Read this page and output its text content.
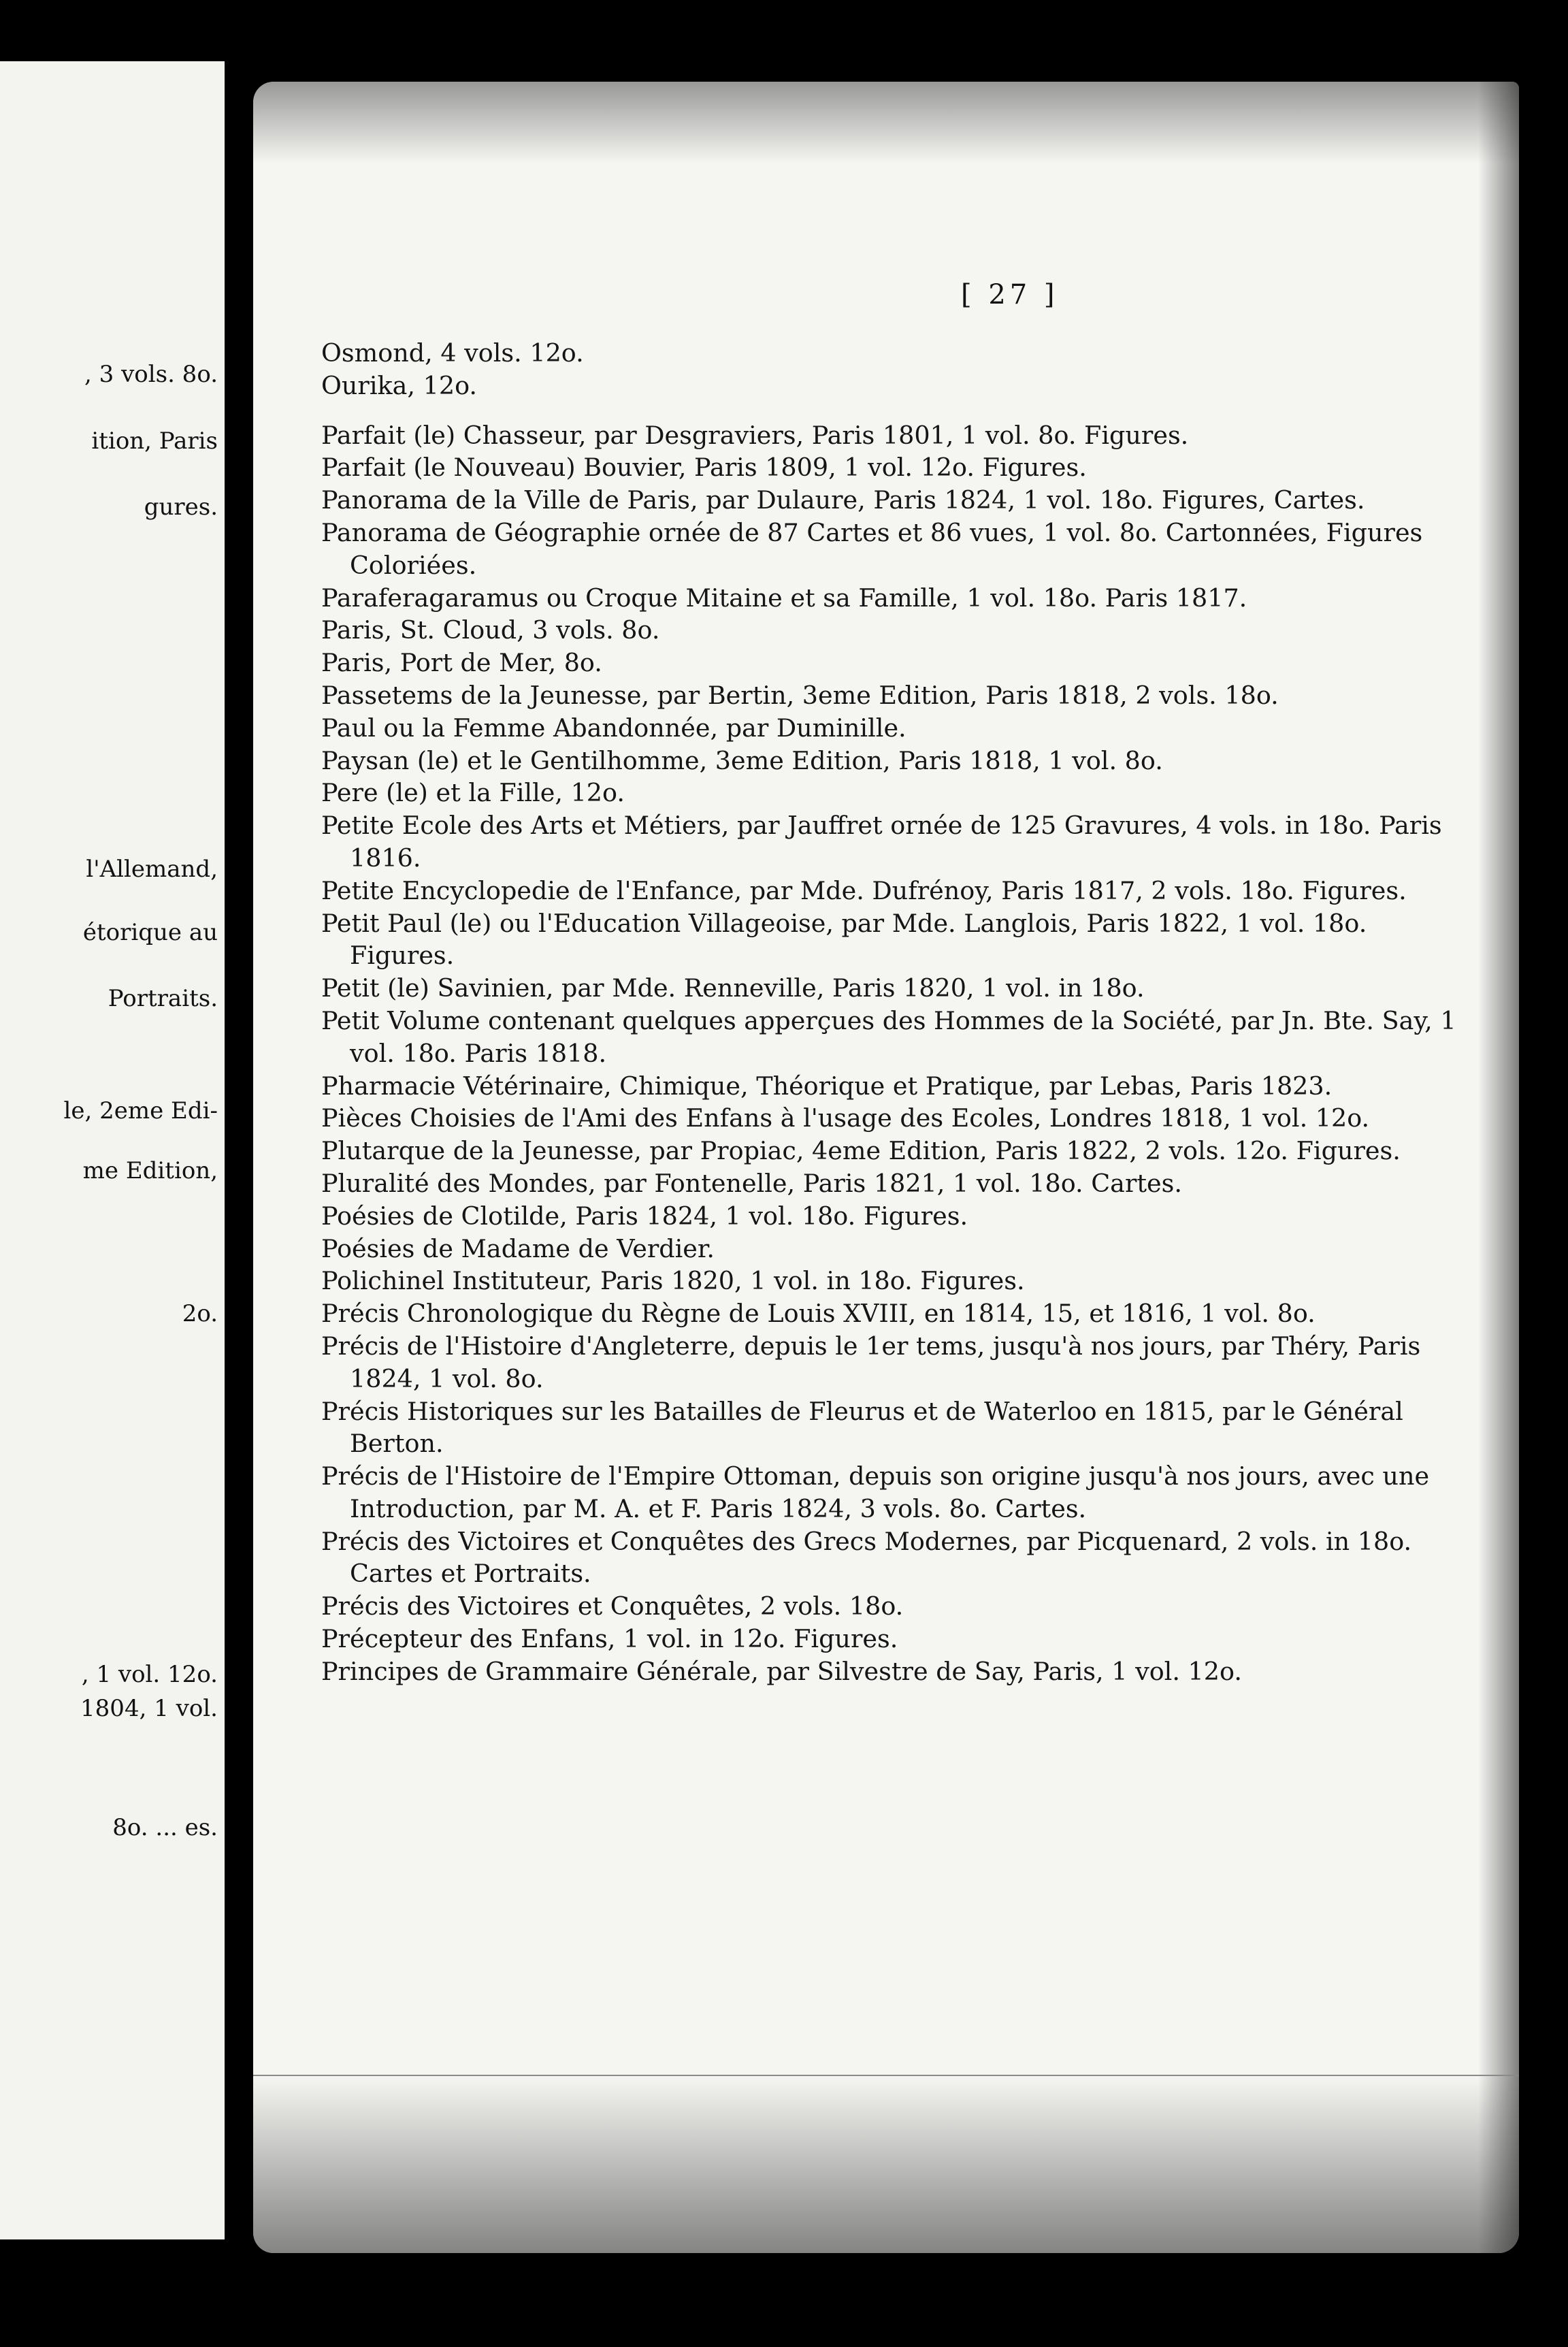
, 3 vols. 8o.
ition, Paris
gures.
l'Allemand,
étorique au
Portraits.
le, 2eme Edi-
me Edition,
2o.
, 1 vol. 12o.
1804, 1 vol.
8o. ... es.
[ 27 ]
Osmond, 4 vols. 12o.
Ourika, 12o.
Parfait (le) Chasseur, par Desgraviers, Paris 1801, 1 vol. 8o. Figures.
Parfait (le Nouveau) Bouvier, Paris 1809, 1 vol. 12o. Figures.
Panorama de la Ville de Paris, par Dulaure, Paris 1824, 1 vol. 18o. Figures, Cartes.
Panorama de Géographie ornée de 87 Cartes et 86 vues, 1 vol. 8o. Cartonnées, Figures Coloriées.
Paraferagaramus ou Croque Mitaine et sa Famille, 1 vol. 18o. Paris 1817.
Paris, St. Cloud, 3 vols. 8o.
Paris, Port de Mer, 8o.
Passetems de la Jeunesse, par Bertin, 3eme Edition, Paris 1818, 2 vols. 18o.
Paul ou la Femme Abandonnée, par Duminille.
Paysan (le) et le Gentilhomme, 3eme Edition, Paris 1818, 1 vol. 8o.
Pere (le) et la Fille, 12o.
Petite Ecole des Arts et Métiers, par Jauffret ornée de 125 Gravures, 4 vols. in 18o. Paris 1816.
Petite Encyclopedie de l'Enfance, par Mde. Dufrénoy, Paris 1817, 2 vols. 18o. Figures.
Petit Paul (le) ou l'Education Villageoise, par Mde. Langlois, Paris 1822, 1 vol. 18o. Figures.
Petit (le) Savinien, par Mde. Renneville, Paris 1820, 1 vol. in 18o.
Petit Volume contenant quelques apperçues des Hommes de la Société, par Jn. Bte. Say, 1 vol. 18o. Paris 1818.
Pharmacie Vétérinaire, Chimique, Théorique et Pratique, par Lebas, Paris 1823.
Pièces Choisies de l'Ami des Enfans à l'usage des Ecoles, Londres 1818, 1 vol. 12o.
Plutarque de la Jeunesse, par Propiac, 4eme Edition, Paris 1822, 2 vols. 12o. Figures.
Pluralité des Mondes, par Fontenelle, Paris 1821, 1 vol. 18o. Cartes.
Poésies de Clotilde, Paris 1824, 1 vol. 18o. Figures.
Poésies de Madame de Verdier.
Polichinel Instituteur, Paris 1820, 1 vol. in 18o. Figures.
Précis Chronologique du Règne de Louis XVIII, en 1814, 15, et 1816, 1 vol. 8o.
Précis de l'Histoire d'Angleterre, depuis le 1er tems, jusqu'à nos jours, par Théry, Paris 1824, 1 vol. 8o.
Précis Historiques sur les Batailles de Fleurus et de Waterloo en 1815, par le Général Berton.
Précis de l'Histoire de l'Empire Ottoman, depuis son origine jusqu'à nos jours, avec une Introduction, par M. A. et F. Paris 1824, 3 vols. 8o. Cartes.
Précis des Victoires et Conquêtes des Grecs Modernes, par Picquenard, 2 vols. in 18o. Cartes et Portraits.
Précis des Victoires et Conquêtes, 2 vols. 18o.
Précepteur des Enfans, 1 vol. in 12o. Figures.
Principes de Grammaire Générale, par Silvestre de Say, Paris, 1 vol. 12o.
